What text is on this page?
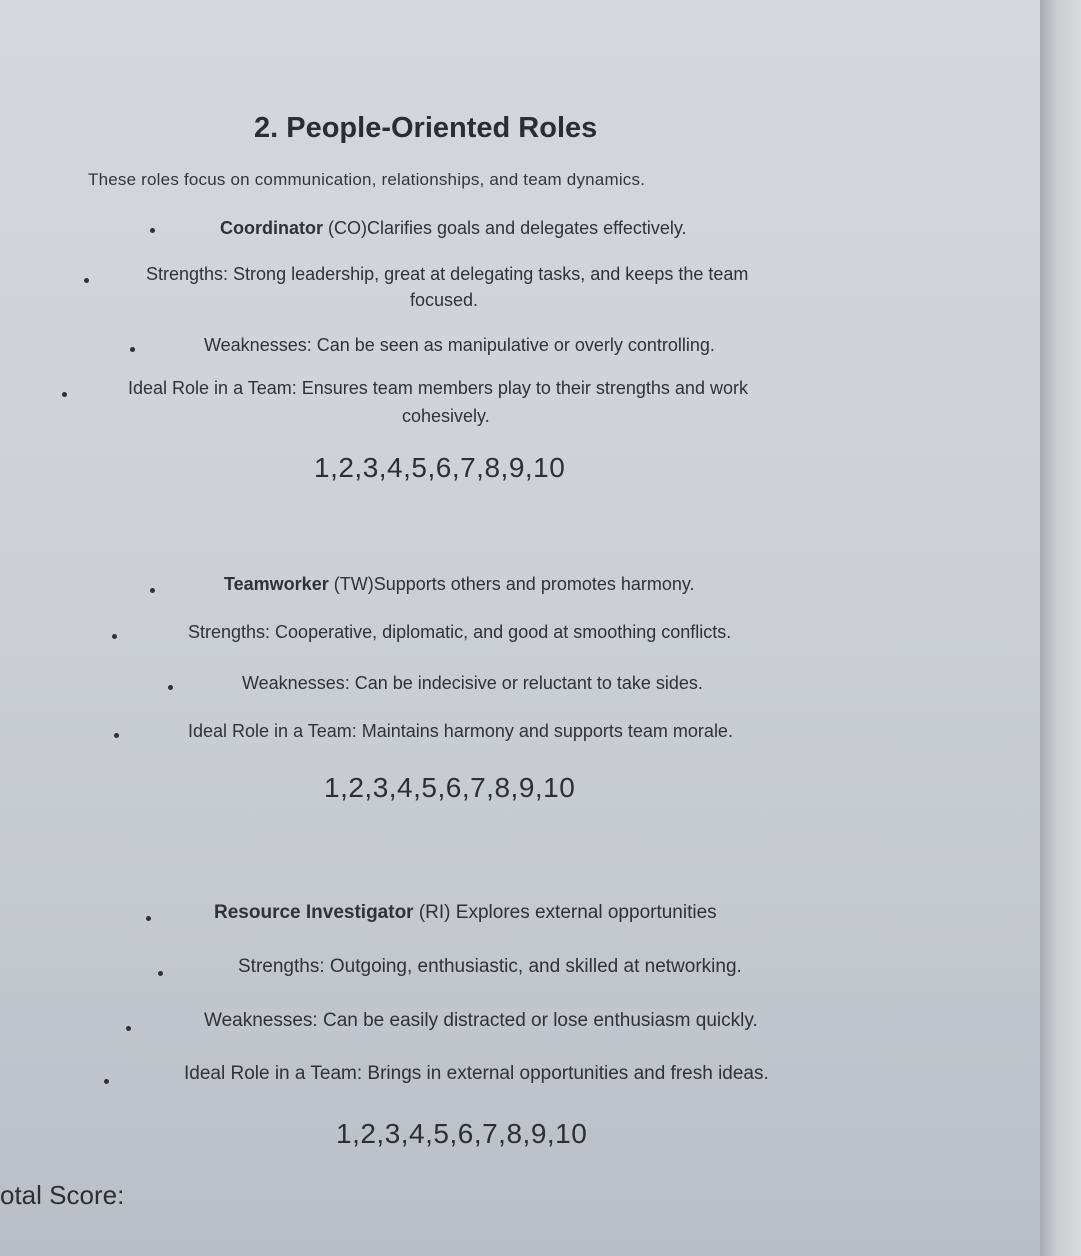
2. People-Oriented Roles
These roles focus on communication, relationships, and team dynamics.
Coordinator (CO)Clarifies goals and delegates effectively.
Strengths: Strong leadership, great at delegating tasks, and keeps the team
focused.
Weaknesses: Can be seen as manipulative or overly controlling.
Ideal Role in a Team: Ensures team members play to their strengths and work
cohesively.
1,2,3,4,5,6,7,8,9,10
Teamworker (TW)Supports others and promotes harmony.
Strengths: Cooperative, diplomatic, and good at smoothing conflicts.
Weaknesses: Can be indecisive or reluctant to take sides.
Ideal Role in a Team: Maintains harmony and supports team morale.
1,2,3,4,5,6,7,8,9,10
Resource Investigator (RI) Explores external opportunities
Strengths: Outgoing, enthusiastic, and skilled at networking.
Weaknesses: Can be easily distracted or lose enthusiasm quickly.
Ideal Role in a Team: Brings in external opportunities and fresh ideas.
1,2,3,4,5,6,7,8,9,10
otal Score:
